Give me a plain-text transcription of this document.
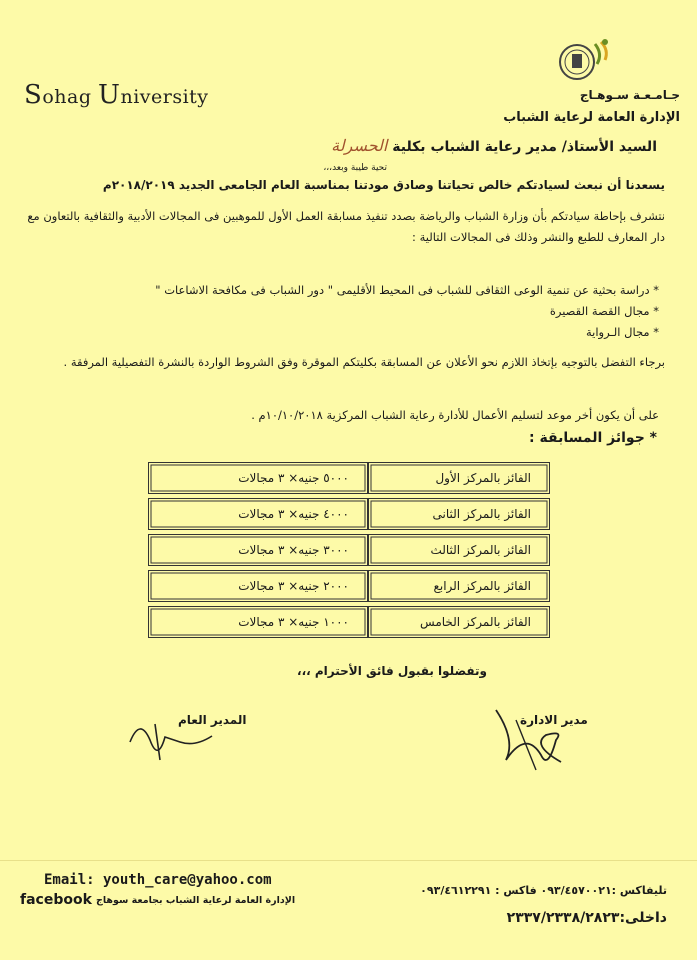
Sohag University	جـامـعـة سـوهـاج
الإدارة العامة لرعاية الشباب
السيد الأستاذ/ مدير رعاية الشباب بكلية الحسرلة
تحية طيبة وبعد،،،
يسعدنا أن نبعث لسيادتكم خالص تحياتنا وصادق مودتنا بمناسبة العام الجامعى الجديد ٢٠١٨/٢٠١٩م
نتشرف بإحاطة سيادتكم بأن وزارة الشباب والرياضة بصدد تنفيذ مسابقة العمل الأول للموهبين فى المجالات الأدبية والثقافية بالتعاون مع دار المعارف للطبع والنشر وذلك فى المجالات التالية :
* دراسة بحثية عن تنمية الوعى الثقافى للشباب فى المحيط الأقليمى " دور الشباب فى مكافحة الاشاعات "
* مجال القصة القصيرة
* مجال الـرواية
برجاء التفضل بالتوجيه بإتخاذ اللازم نحو الأعلان عن المسابقة بكليتكم الموقرة وفق الشروط الواردة بالنشرة التفصيلية المرفقة .
على أن يكون أخر موعد لتسليم الأعمال للأدارة رعاية الشباب المركزية ١٠/١٠/٢٠١٨م .
* جوائز المسابقة :
الفائز بالمركز الأول
٥٠٠٠ جنيه× ٣ مجالات
الفائز بالمركز الثانى
٤٠٠٠ جنيه× ٣ مجالات
الفائز بالمركز الثالث
٣٠٠٠ جنيه× ٣ مجالات
الفائز بالمركز الرابع
٢٠٠٠ جنيه× ٣ مجالات
الفائز بالمركز الخامس
١٠٠٠ جنيه× ٣ مجالات
وتفضلوا بقبول فائق الأحترام ،،،
المدير العام	مدير الادارة
Email: youth_care@yahoo.com
facebook الإدارة العامة لرعاية الشباب بجامعة سوهاج
تليفاكس :٠٩٣/٤٥٧٠٠٢١ فاكس : ٠٩٣/٤٦١٢٢٩١
داخلى:٢٣٣٧/٢٣٣٨/٢٨٢٣
